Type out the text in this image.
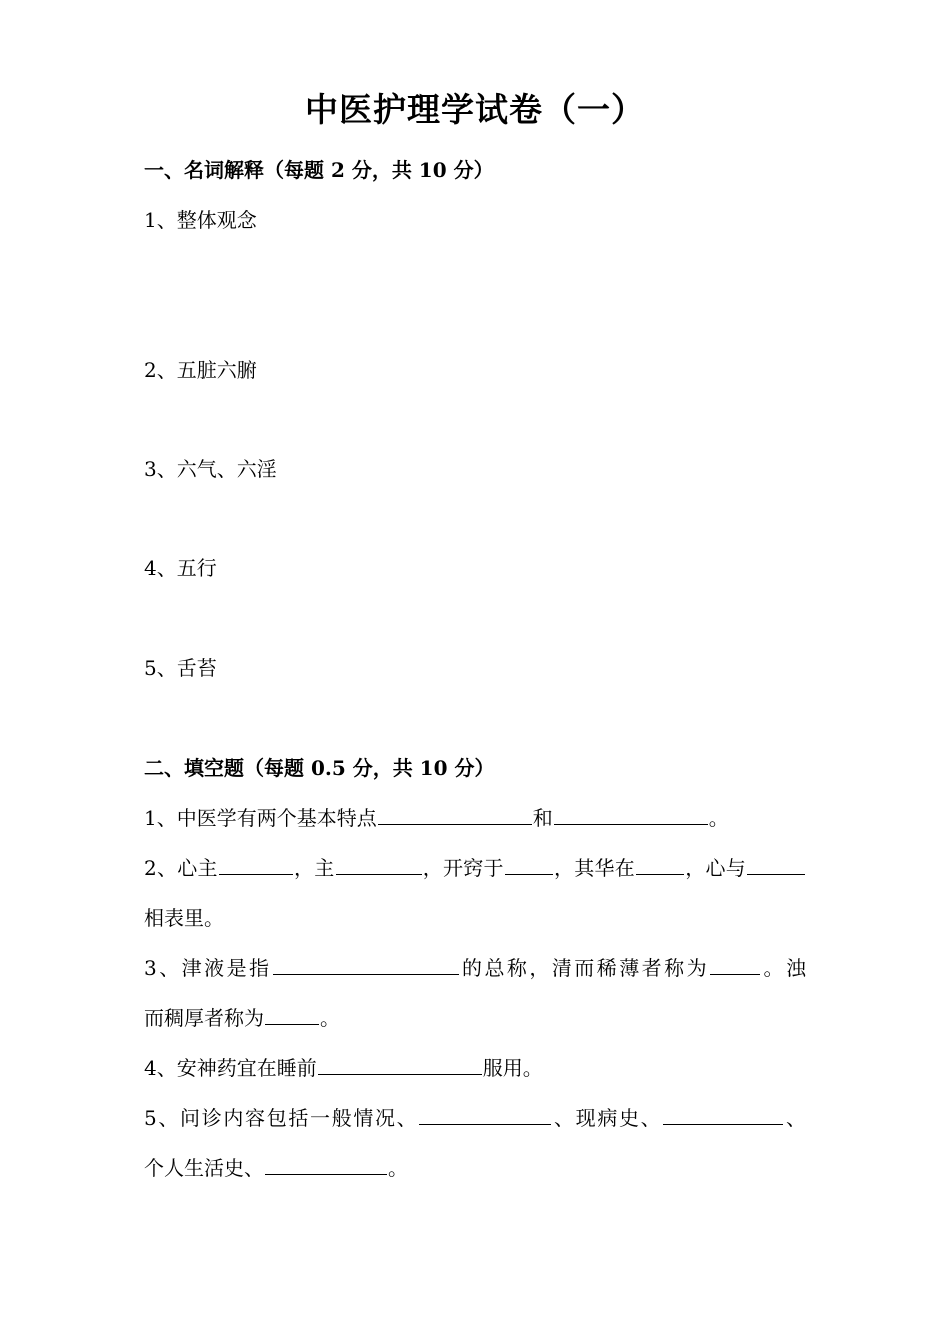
中医护理学试卷（一）
一、名词解释（每题 2 分，共 10 分）
1、整体观念
2、五脏六腑
3、六气、六淫
4、五行
5、舌苔
二、填空题（每题 0.5 分，共 10 分）
1、中医学有两个基本特点	和	。
2、心主	，主	，开窍于	，其华在	，心与
相表里。
3、津液是指	的总称，清而稀薄者称为	。浊
而稠厚者称为	。
4、安神药宜在睡前	服用。
5、问诊内容包括一般情况、	、现病史、	、
个人生活史、	。
